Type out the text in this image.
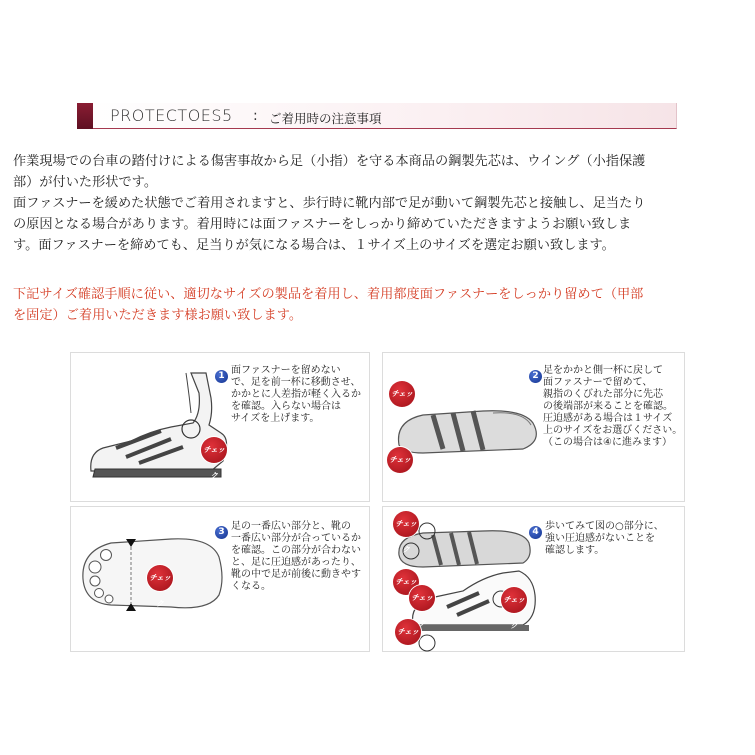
PROTECTOES5 : ご着用時の注意事項
作業現場での台車の踏付けによる傷害事故から足（小指）を守る本商品の鋼製先芯は、ウイング（小指保護
部）が付いた形状です。
面ファスナーを緩めた状態でご着用されますと、歩行時に靴内部で足が動いて鋼製先芯と接触し、足当たり
の原因となる場合があります。着用時には面ファスナーをしっかり締めていただきますようお願い致しま
す。面ファスナーを締めても、足当りが気になる場合は、１サイズ上のサイズを選定お願い致します。
下記サイズ確認手順に従い、適切なサイズの製品を着用し、着用都度面ファスナーをしっかり留めて（甲部
を固定）ご着用いただきます様お願い致します。
チェック
1 面ファスナーを留めない
で、足を前一杯に移動させ、
かかとに人差指が軽く入るか
を確認。入らない場合は
サイズを上げます。
チェック
チェック
2 足をかかと側一杯に戻して
面ファスナーで留めて、
親指のくびれた部分に先芯
の後端部が来ることを確認。
圧迫感がある場合は１サイズ
上のサイズをお選びください。
（この場合は④に進みます）
チェック
3 足の一番広い部分と、靴の
一番広い部分が合っているか
を確認。この部分が合わない
と、足に圧迫感があったり、
靴の中で足が前後に動きやす
くなる。
チェック
チェック
チェック
チェック
チェック
4 歩いてみて図の○部分に、
強い圧迫感がないことを
確認します。
